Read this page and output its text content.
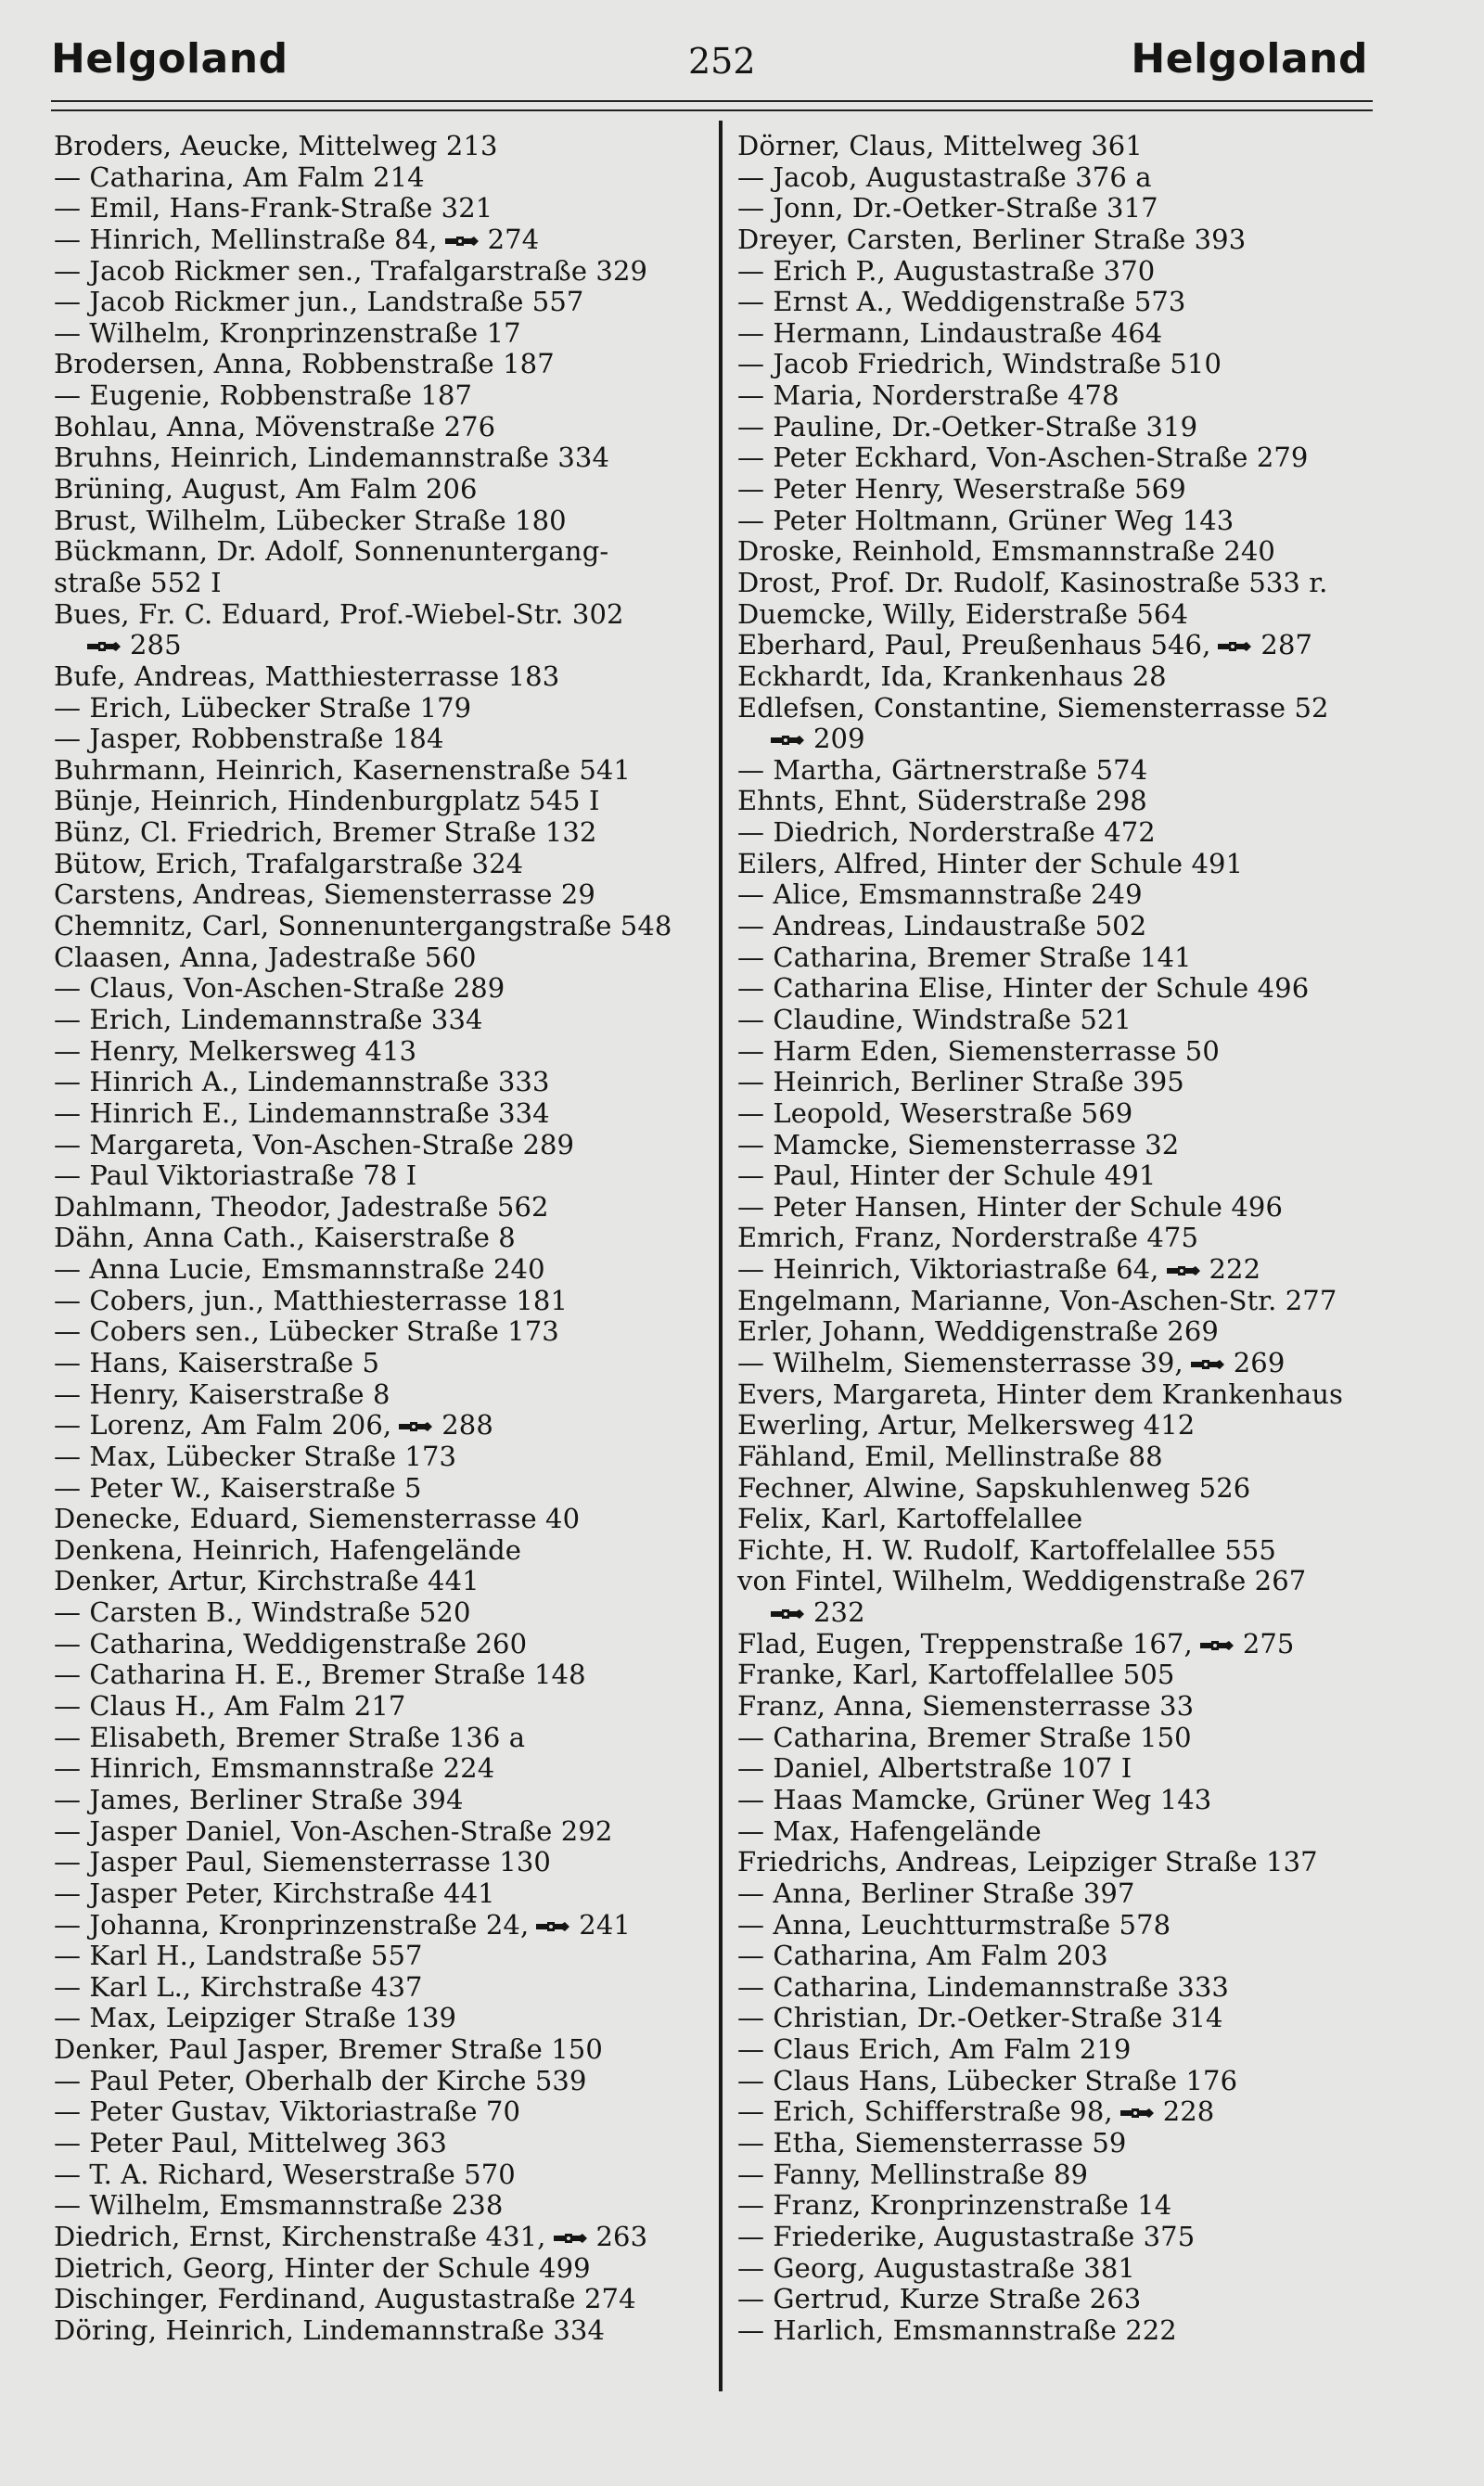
Helgoland	252	Helgoland
Broders, Aeucke, Mittelweg 213
— Catharina, Am Falm 214
— Emil, Hans-Frank-Straße 321
— Hinrich, Mellinstraße 84, 274
— Jacob Rickmer sen., Trafalgarstraße 329
— Jacob Rickmer jun., Landstraße 557
— Wilhelm, Kronprinzenstraße 17
Brodersen, Anna, Robbenstraße 187
— Eugenie, Robbenstraße 187
Bohlau, Anna, Mövenstraße 276
Bruhns, Heinrich, Lindemannstraße 334
Brüning, August, Am Falm 206
Brust, Wilhelm, Lübecker Straße 180
Bückmann, Dr. Adolf, Sonnenuntergang-
straße 552 I
Bues, Fr. C. Eduard, Prof.-Wiebel-Str. 302
285
Bufe, Andreas, Matthiesterrasse 183
— Erich, Lübecker Straße 179
— Jasper, Robbenstraße 184
Buhrmann, Heinrich, Kasernenstraße 541
Bünje, Heinrich, Hindenburgplatz 545 I
Bünz, Cl. Friedrich, Bremer Straße 132
Bütow, Erich, Trafalgarstraße 324
Carstens, Andreas, Siemensterrasse 29
Chemnitz, Carl, Sonnenuntergangstraße 548
Claasen, Anna, Jadestraße 560
— Claus, Von-Aschen-Straße 289
— Erich, Lindemannstraße 334
— Henry, Melkersweg 413
— Hinrich A., Lindemannstraße 333
— Hinrich E., Lindemannstraße 334
— Margareta, Von-Aschen-Straße 289
— Paul Viktoriastraße 78 I
Dahlmann, Theodor, Jadestraße 562
Dähn, Anna Cath., Kaiserstraße 8
— Anna Lucie, Emsmannstraße 240
— Cobers, jun., Matthiesterrasse 181
— Cobers sen., Lübecker Straße 173
— Hans, Kaiserstraße 5
— Henry, Kaiserstraße 8
— Lorenz, Am Falm 206, 288
— Max, Lübecker Straße 173
— Peter W., Kaiserstraße 5
Denecke, Eduard, Siemensterrasse 40
Denkena, Heinrich, Hafengelände
Denker, Artur, Kirchstraße 441
— Carsten B., Windstraße 520
— Catharina, Weddigenstraße 260
— Catharina H. E., Bremer Straße 148
— Claus H., Am Falm 217
— Elisabeth, Bremer Straße 136 a
— Hinrich, Emsmannstraße 224
— James, Berliner Straße 394
— Jasper Daniel, Von-Aschen-Straße 292
— Jasper Paul, Siemensterrasse 130
— Jasper Peter, Kirchstraße 441
— Johanna, Kronprinzenstraße 24, 241
— Karl H., Landstraße 557
— Karl L., Kirchstraße 437
— Max, Leipziger Straße 139
Denker, Paul Jasper, Bremer Straße 150
— Paul Peter, Oberhalb der Kirche 539
— Peter Gustav, Viktoriastraße 70
— Peter Paul, Mittelweg 363
— T. A. Richard, Weserstraße 570
— Wilhelm, Emsmannstraße 238
Diedrich, Ernst, Kirchenstraße 431, 263
Dietrich, Georg, Hinter der Schule 499
Dischinger, Ferdinand, Augustastraße 274
Döring, Heinrich, Lindemannstraße 334
Dörner, Claus, Mittelweg 361
— Jacob, Augustastraße 376 a
— Jonn, Dr.-Oetker-Straße 317
Dreyer, Carsten, Berliner Straße 393
— Erich P., Augustastraße 370
— Ernst A., Weddigenstraße 573
— Hermann, Lindaustraße 464
— Jacob Friedrich, Windstraße 510
— Maria, Norderstraße 478
— Pauline, Dr.-Oetker-Straße 319
— Peter Eckhard, Von-Aschen-Straße 279
— Peter Henry, Weserstraße 569
— Peter Holtmann, Grüner Weg 143
Droske, Reinhold, Emsmannstraße 240
Drost, Prof. Dr. Rudolf, Kasinostraße 533 r.
Duemcke, Willy, Eiderstraße 564
Eberhard, Paul, Preußenhaus 546, 287
Eckhardt, Ida, Krankenhaus 28
Edlefsen, Constantine, Siemensterrasse 52
209
— Martha, Gärtnerstraße 574
Ehnts, Ehnt, Süderstraße 298
— Diedrich, Norderstraße 472
Eilers, Alfred, Hinter der Schule 491
— Alice, Emsmannstraße 249
— Andreas, Lindaustraße 502
— Catharina, Bremer Straße 141
— Catharina Elise, Hinter der Schule 496
— Claudine, Windstraße 521
— Harm Eden, Siemensterrasse 50
— Heinrich, Berliner Straße 395
— Leopold, Weserstraße 569
— Mamcke, Siemensterrasse 32
— Paul, Hinter der Schule 491
— Peter Hansen, Hinter der Schule 496
Emrich, Franz, Norderstraße 475
— Heinrich, Viktoriastraße 64, 222
Engelmann, Marianne, Von-Aschen-Str. 277
Erler, Johann, Weddigenstraße 269
— Wilhelm, Siemensterrasse 39, 269
Evers, Margareta, Hinter dem Krankenhaus
Ewerling, Artur, Melkersweg 412
Fähland, Emil, Mellinstraße 88
Fechner, Alwine, Sapskuhlenweg 526
Felix, Karl, Kartoffelallee
Fichte, H. W. Rudolf, Kartoffelallee 555
von Fintel, Wilhelm, Weddigenstraße 267
232
Flad, Eugen, Treppenstraße 167, 275
Franke, Karl, Kartoffelallee 505
Franz, Anna, Siemensterrasse 33
— Catharina, Bremer Straße 150
— Daniel, Albertstraße 107 I
— Haas Mamcke, Grüner Weg 143
— Max, Hafengelände
Friedrichs, Andreas, Leipziger Straße 137
— Anna, Berliner Straße 397
— Anna, Leuchtturmstraße 578
— Catharina, Am Falm 203
— Catharina, Lindemannstraße 333
— Christian, Dr.-Oetker-Straße 314
— Claus Erich, Am Falm 219
— Claus Hans, Lübecker Straße 176
— Erich, Schifferstraße 98, 228
— Etha, Siemensterrasse 59
— Fanny, Mellinstraße 89
— Franz, Kronprinzenstraße 14
— Friederike, Augustastraße 375
— Georg, Augustastraße 381
— Gertrud, Kurze Straße 263
— Harlich, Emsmannstraße 222
